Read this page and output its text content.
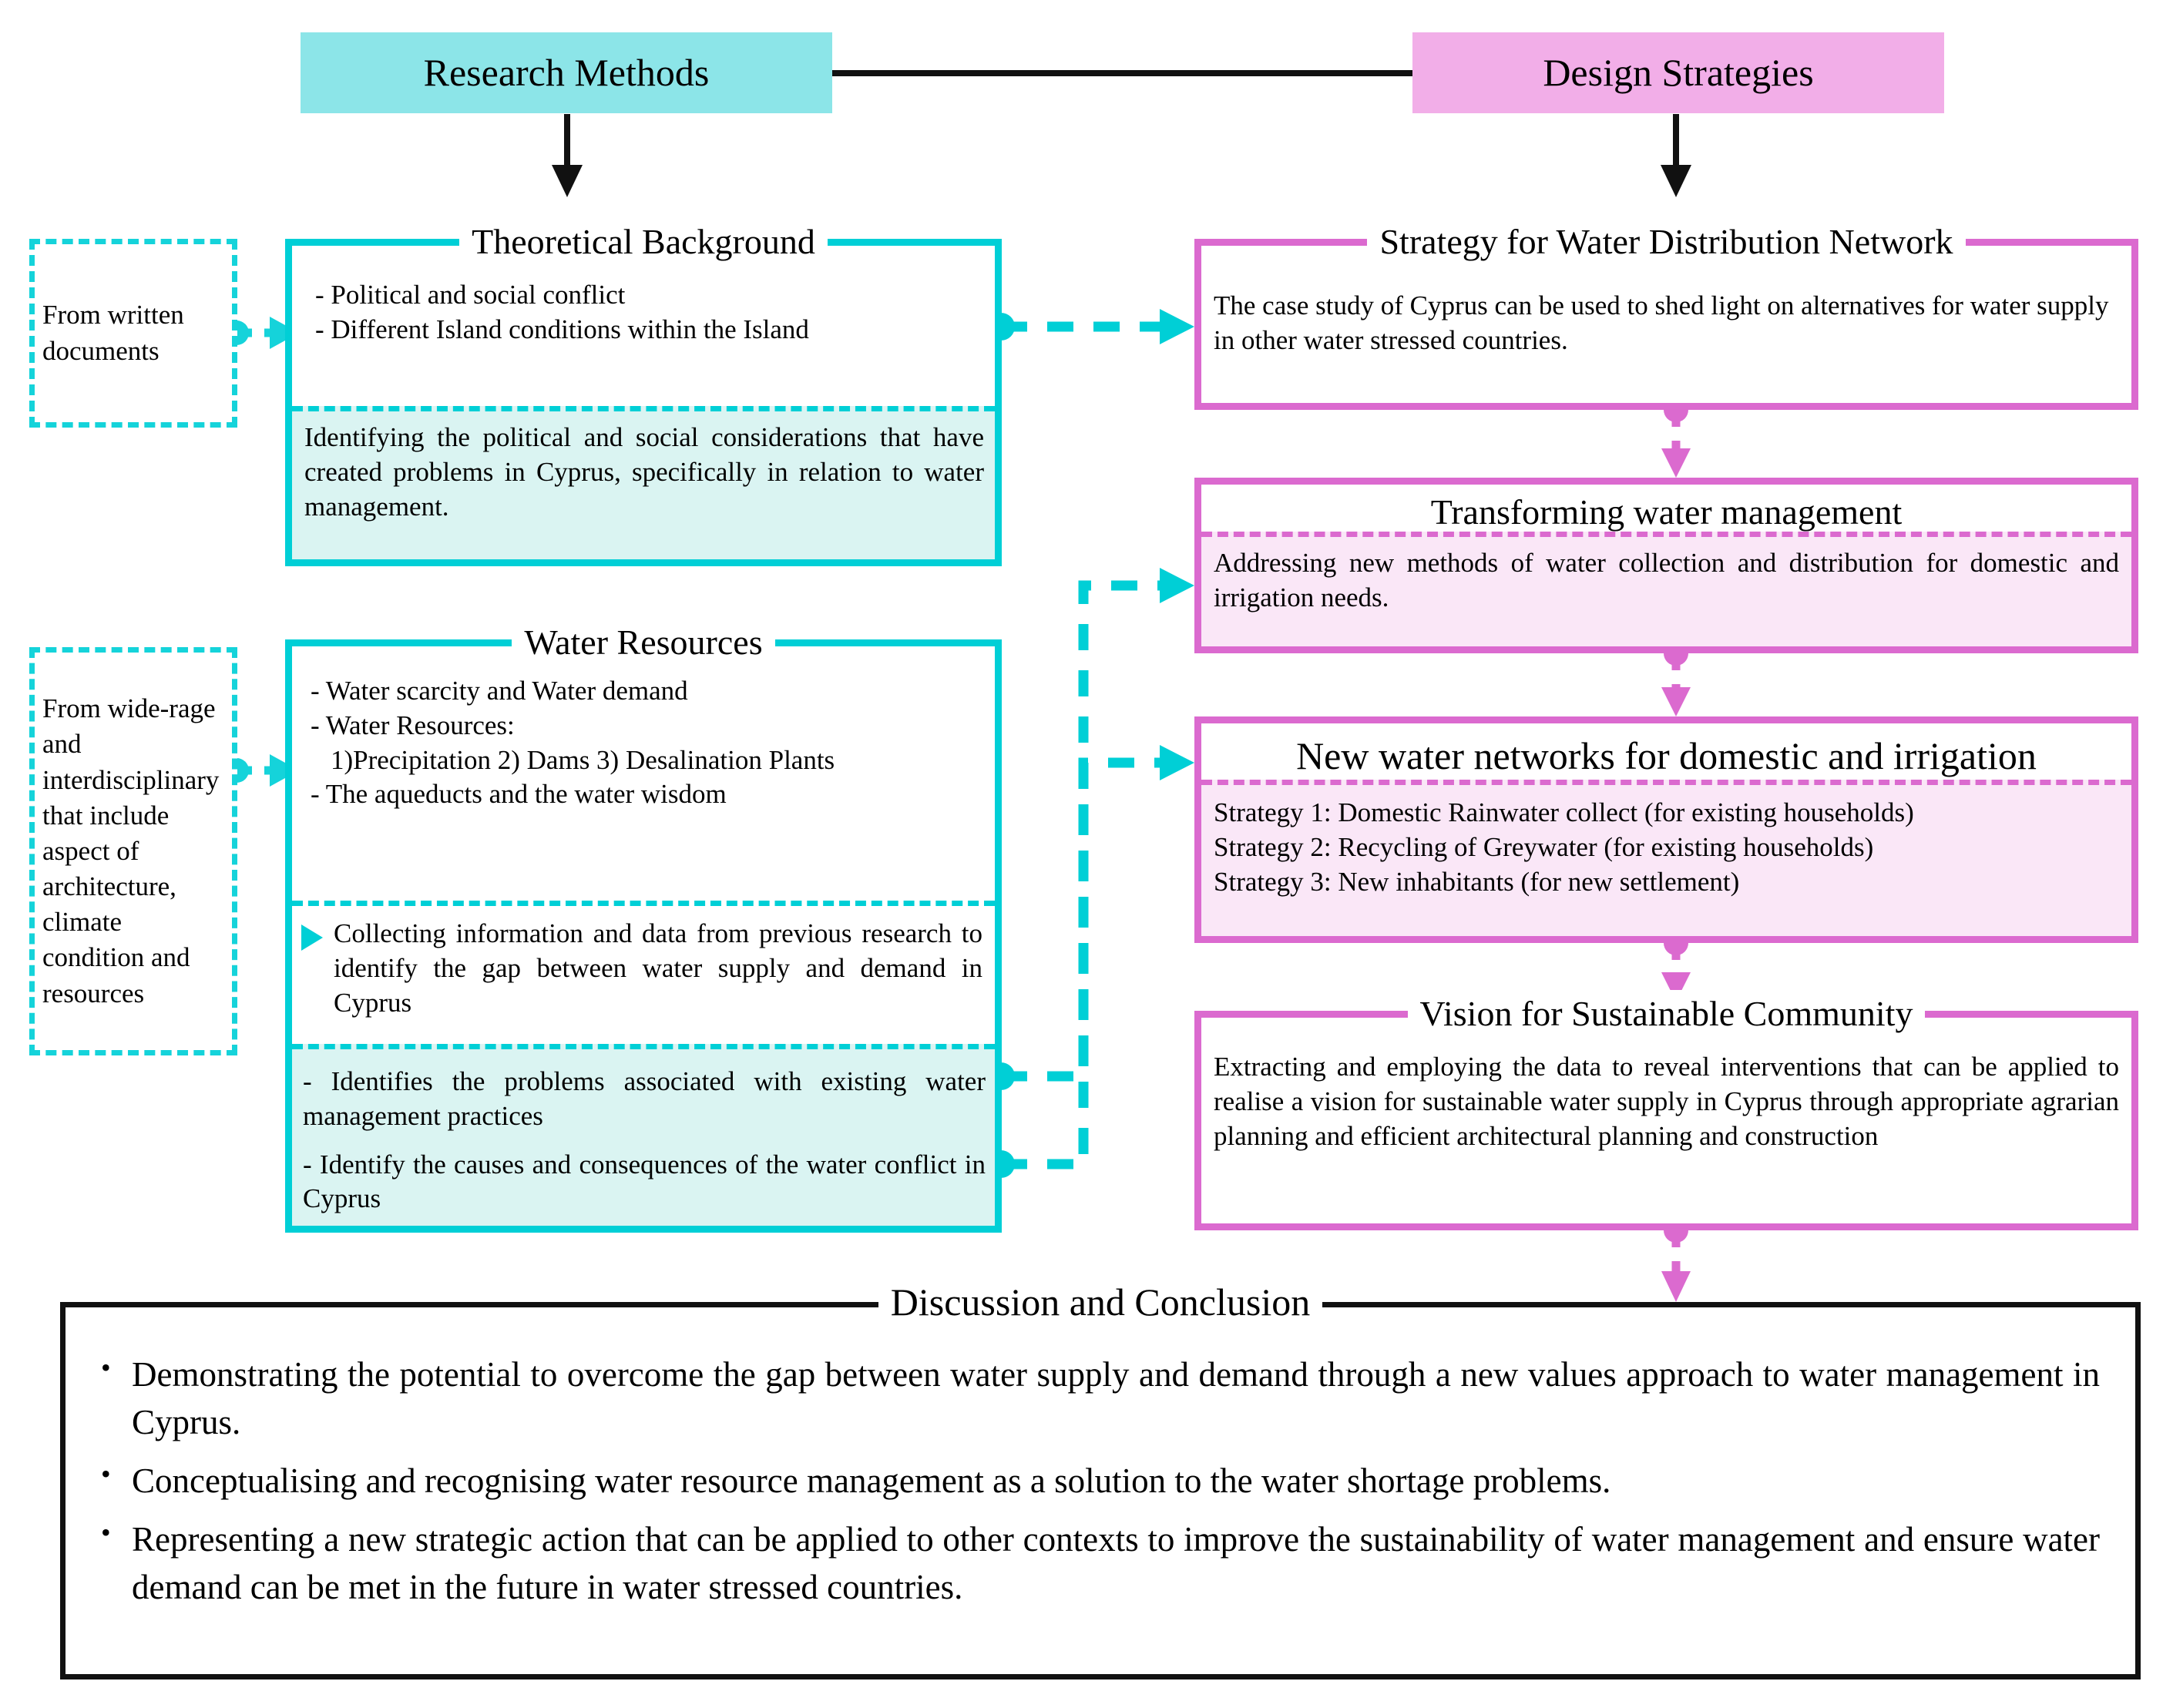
Research Methods	Design Strategies
From written documents
Theoretical Background

- Political and social conflict

- Different Island conditions within the Island

Identifying the political and social considerations that have created problems in Cyprus, specifically in relation to water management.
From wide-rage and interdisciplinary that include aspect of architecture, climate condition and resources
Water Resources

- Water scarcity and Water demand

- Water Resources:

1)Precipitation 2) Dams 3) Desalination Plants

- The aqueducts and the water wisdom

Collecting information and data from previous research to identify the gap between water supply and demand in Cyprus

- Identifies the problems associated with existing water management practices

- Identify the causes and consequences of the water conflict in Cyprus

Strategy for Water Distribution Network
The case study of Cyprus can be used to shed light on alternatives for water supply in other water stressed countries.
Transforming water management
Addressing new methods of water collection and distribution for domestic and irrigation needs.
New water networks for domestic and irrigation

Strategy 1: Domestic Rainwater collect (for existing households)

Strategy 2: Recycling of Greywater (for existing households)

Strategy 3: New inhabitants (for new settlement)

Vision for Sustainable Community
Extracting and employing the data to reveal interventions that can be applied to realise a vision for sustainable water supply in Cyprus through appropriate agrarian planning and efficient architectural planning and construction
Discussion and Conclusion
• Demonstrating the potential to overcome the gap between water supply and demand through a new values approach to water management in Cyprus.
• Conceptualising and recognising water resource management as a solution to the water shortage problems.
• Representing a new strategic action that can be applied to other contexts to improve the sustainability of water management and ensure water demand can be met in the future in water stressed countries.
